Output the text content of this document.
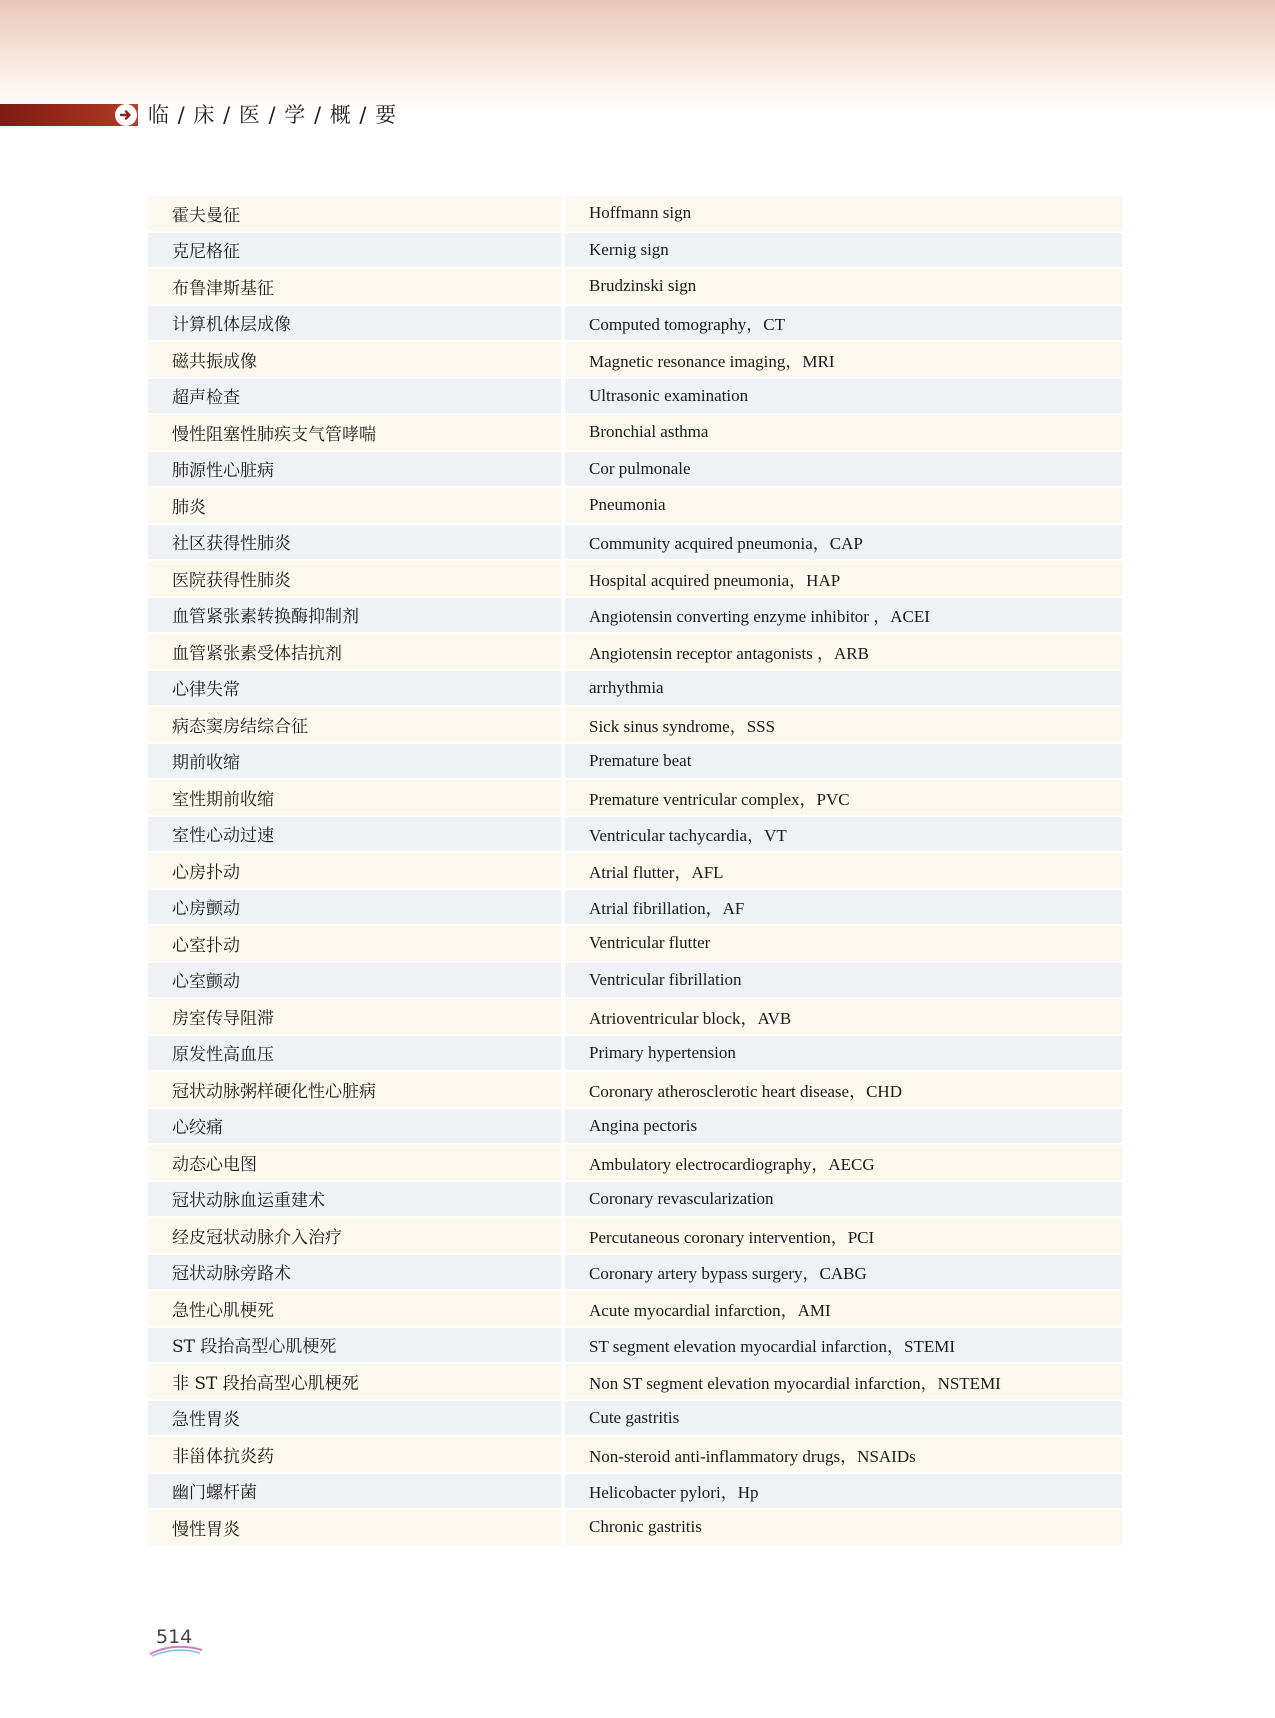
临 / 床 / 医 / 学 / 概 / 要
霍夫曼征	Hoffmann sign
克尼格征	Kernig sign
布鲁津斯基征	Brudzinski sign
计算机体层成像	Computed tomography，CT
磁共振成像	Magnetic resonance imaging，MRI
超声检查	Ultrasonic examination
慢性阻塞性肺疾支气管哮喘	Bronchial asthma
肺源性心脏病	Cor pulmonale
肺炎	Pneumonia
社区获得性肺炎	Community acquired pneumonia，CAP
医院获得性肺炎	Hospital acquired pneumonia，HAP
血管紧张素转换酶抑制剂	Angiotensin converting enzyme inhibitor ，ACEI
血管紧张素受体拮抗剂	Angiotensin receptor antagonists ，ARB
心律失常	arrhythmia
病态窦房结综合征	Sick sinus syndrome，SSS
期前收缩	Premature beat
室性期前收缩	Premature ventricular complex，PVC
室性心动过速	Ventricular tachycardia，VT
心房扑动	Atrial flutter，AFL
心房颤动	Atrial fibrillation，AF
心室扑动	Ventricular flutter
心室颤动	Ventricular fibrillation
房室传导阻滞	Atrioventricular block，AVB
原发性高血压	Primary hypertension
冠状动脉粥样硬化性心脏病	Coronary atherosclerotic heart disease，CHD
心绞痛	Angina pectoris
动态心电图	Ambulatory electrocardiography，AECG
冠状动脉血运重建术	Coronary revascularization
经皮冠状动脉介入治疗	Percutaneous coronary intervention，PCI
冠状动脉旁路术	Coronary artery bypass surgery，CABG
急性心肌梗死	Acute myocardial infarction，AMI
ST 段抬高型心肌梗死	ST segment elevation myocardial infarction，STEMI
非 ST 段抬高型心肌梗死	Non ST segment elevation myocardial infarction，NSTEMI
急性胃炎	Cute gastritis
非甾体抗炎药	Non-steroid anti-inflammatory drugs，NSAIDs
幽门螺杆菌	Helicobacter pylori，Hp
慢性胃炎	Chronic gastritis
514
